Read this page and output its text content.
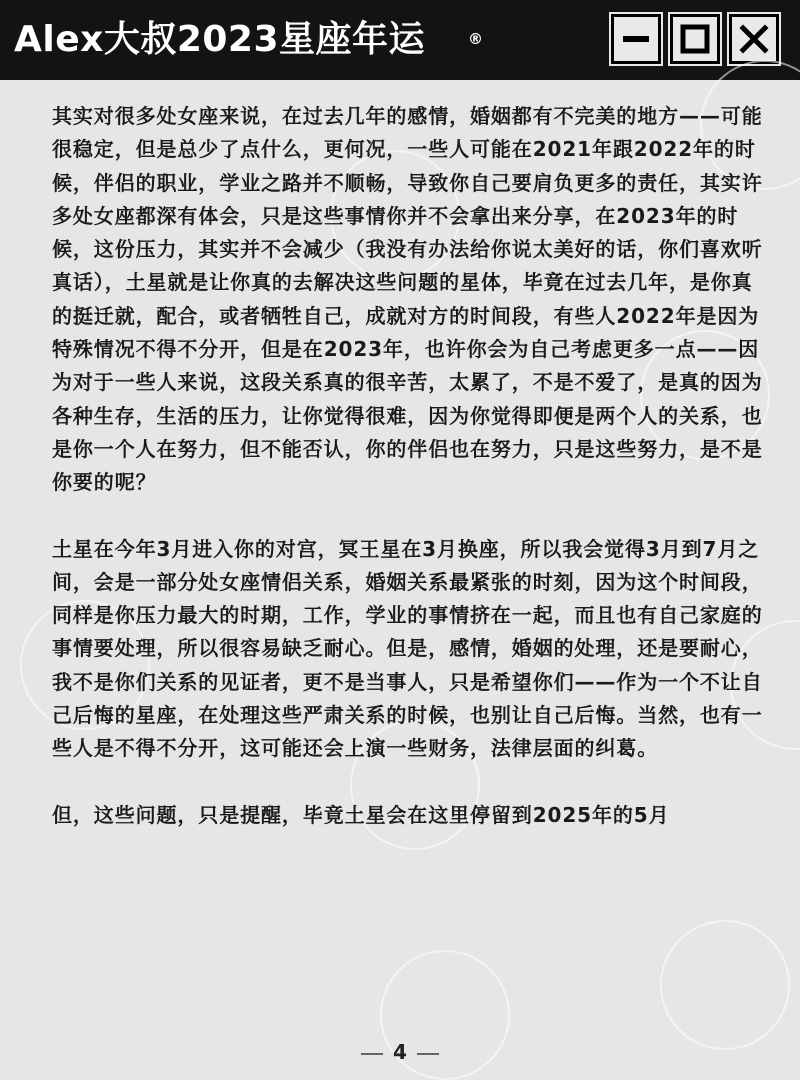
Alex大叔2023星座年运	®

其实对很多处女座来说，在过去几年的感情，婚姻都有不完美的地方——可能很稳定，但是总少了点什么，更何况，一些人可能在2021年跟2022年的时候，伴侣的职业，学业之路并不顺畅，导致你自己要肩负更多的责任，其实许多处女座都深有体会，只是这些事情你并不会拿出来分享，在2023年的时候，这份压力，其实并不会减少（我没有办法给你说太美好的话，你们喜欢听真话），土星就是让你真的去解决这些问题的星体，毕竟在过去几年，是你真的挺迁就，配合，或者牺牲自己，成就对方的时间段，有些人2022年是因为特殊情况不得不分开，但是在2023年，也许你会为自己考虑更多一点——因为对于一些人来说，这段关系真的很辛苦，太累了，不是不爱了，是真的因为各种生存，生活的压力，让你觉得很难，因为你觉得即便是两个人的关系，也是你一个人在努力，但不能否认，你的伴侣也在努力，只是这些努力，是不是你要的呢？

土星在今年3月进入你的对宫，冥王星在3月换座，所以我会觉得3月到7月之间，会是一部分处女座情侣关系，婚姻关系最紧张的时刻，因为这个时间段，同样是你压力最大的时期，工作，学业的事情挤在一起，而且也有自己家庭的事情要处理，所以很容易缺乏耐心。但是，感情，婚姻的处理，还是要耐心，我不是你们关系的见证者，更不是当事人，只是希望你们——作为一个不让自己后悔的星座，在处理这些严肃关系的时候，也别让自己后悔。当然，也有一些人是不得不分开，这可能还会上演一些财务，法律层面的纠葛。

但，这些问题，只是提醒，毕竟土星会在这里停留到2025年的5月

4
